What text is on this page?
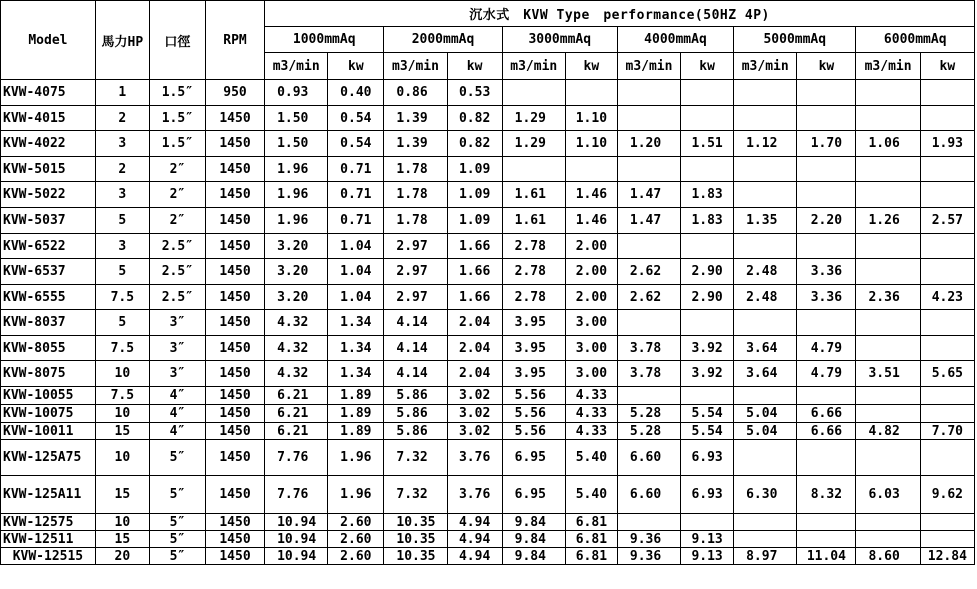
Model	馬力HP	口徑	RPM	沉水式　KVW Type　performance(50HZ 4P)											
				1000mmAq		2000mmAq		3000mmAq		4000mmAq		5000mmAq		6000mmAq	
				m3/min	kw	m3/min	kw	m3/min	kw	m3/min	kw	m3/min	kw	m3/min	kw
KVW-4075	1	1.5″	950	0.93	0.40	0.86	0.53								
KVW-4015	2	1.5″	1450	1.50	0.54	1.39	0.82	1.29	1.10						
KVW-4022	3	1.5″	1450	1.50	0.54	1.39	0.82	1.29	1.10	1.20	1.51	1.12	1.70	1.06	1.93
KVW-5015	2	2″	1450	1.96	0.71	1.78	1.09								
KVW-5022	3	2″	1450	1.96	0.71	1.78	1.09	1.61	1.46	1.47	1.83				
KVW-5037	5	2″	1450	1.96	0.71	1.78	1.09	1.61	1.46	1.47	1.83	1.35	2.20	1.26	2.57
KVW-6522	3	2.5″	1450	3.20	1.04	2.97	1.66	2.78	2.00						
KVW-6537	5	2.5″	1450	3.20	1.04	2.97	1.66	2.78	2.00	2.62	2.90	2.48	3.36		
KVW-6555	7.5	2.5″	1450	3.20	1.04	2.97	1.66	2.78	2.00	2.62	2.90	2.48	3.36	2.36	4.23
KVW-8037	5	3″	1450	4.32	1.34	4.14	2.04	3.95	3.00						
KVW-8055	7.5	3″	1450	4.32	1.34	4.14	2.04	3.95	3.00	3.78	3.92	3.64	4.79		
KVW-8075	10	3″	1450	4.32	1.34	4.14	2.04	3.95	3.00	3.78	3.92	3.64	4.79	3.51	5.65
KVW-10055	7.5	4″	1450	6.21	1.89	5.86	3.02	5.56	4.33						
KVW-10075	10	4″	1450	6.21	1.89	5.86	3.02	5.56	4.33	5.28	5.54	5.04	6.66		
KVW-10011	15	4″	1450	6.21	1.89	5.86	3.02	5.56	4.33	5.28	5.54	5.04	6.66	4.82	7.70
KVW-125A75	10	5″	1450	7.76	1.96	7.32	3.76	6.95	5.40	6.60	6.93				
KVW-125A11	15	5″	1450	7.76	1.96	7.32	3.76	6.95	5.40	6.60	6.93	6.30	8.32	6.03	9.62
KVW-12575	10	5″	1450	10.94	2.60	10.35	4.94	9.84	6.81						
KVW-12511	15	5″	1450	10.94	2.60	10.35	4.94	9.84	6.81	9.36	9.13				
KVW-12515	20	5″	1450	10.94	2.60	10.35	4.94	9.84	6.81	9.36	9.13	8.97	11.04	8.60	12.84
